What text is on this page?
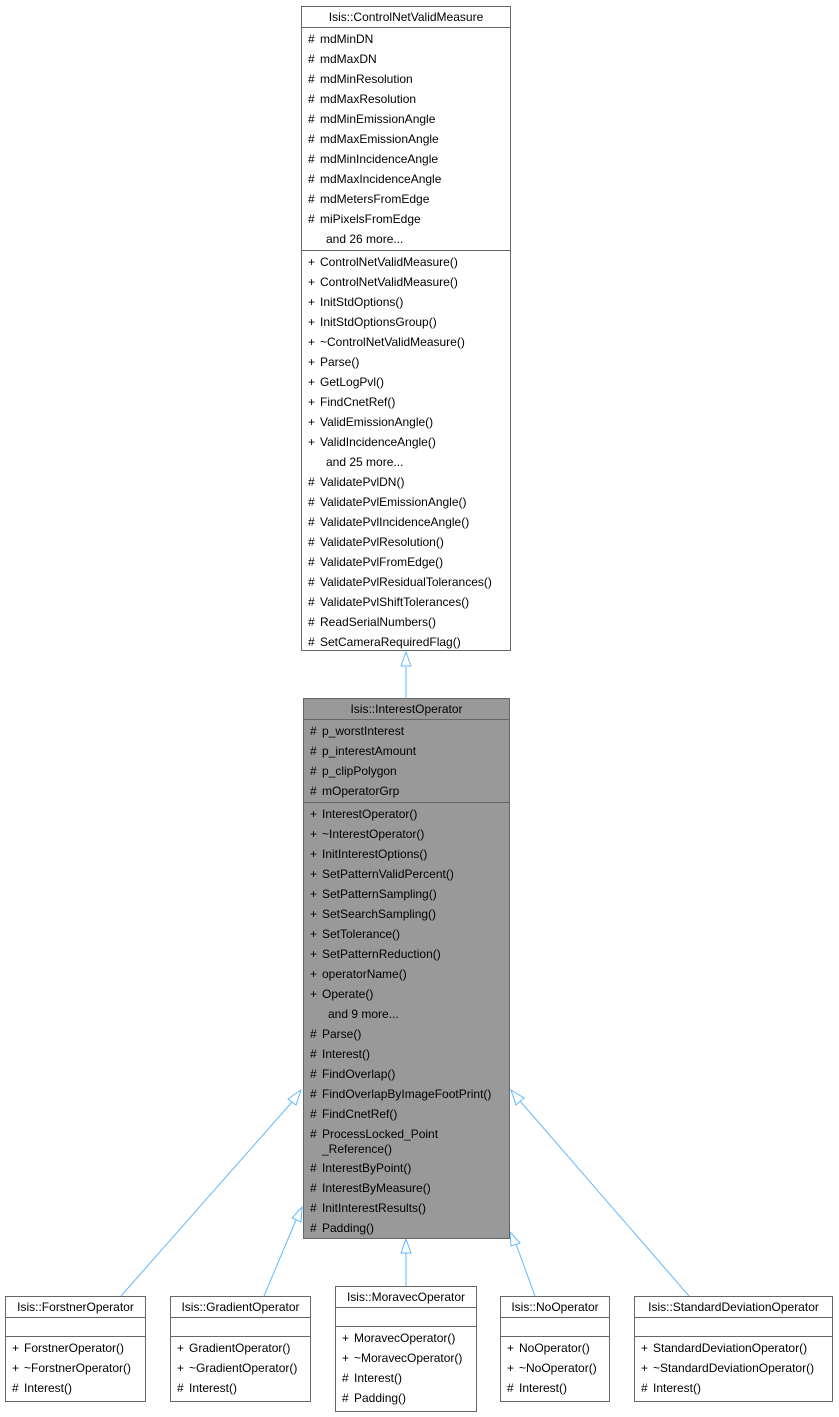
Isis::ControlNetValidMeasure
# mdMinDN
# mdMaxDN
# mdMinResolution
# mdMaxResolution
# mdMinEmissionAngle
# mdMaxEmissionAngle
# mdMinIncidenceAngle
# mdMaxIncidenceAngle
# mdMetersFromEdge
# miPixelsFromEdge
and 26 more...
+ ControlNetValidMeasure()
+ ControlNetValidMeasure()
+ InitStdOptions()
+ InitStdOptionsGroup()
+ ~ControlNetValidMeasure()
+ Parse()
+ GetLogPvl()
+ FindCnetRef()
+ ValidEmissionAngle()
+ ValidIncidenceAngle()
and 25 more...
# ValidatePvlDN()
# ValidatePvlEmissionAngle()
# ValidatePvlIncidenceAngle()
# ValidatePvlResolution()
# ValidatePvlFromEdge()
# ValidatePvlResidualTolerances()
# ValidatePvlShiftTolerances()
# ReadSerialNumbers()
# SetCameraRequiredFlag()
Isis::InterestOperator
# p_worstInterest
# p_interestAmount
# p_clipPolygon
# mOperatorGrp
+ InterestOperator()
+ ~InterestOperator()
+ InitInterestOptions()
+ SetPatternValidPercent()
+ SetPatternSampling()
+ SetSearchSampling()
+ SetTolerance()
+ SetPatternReduction()
+ operatorName()
+ Operate()
and 9 more...
# Parse()
# Interest()
# FindOverlap()
# FindOverlapByImageFootPrint()
# FindCnetRef()
# ProcessLocked_Point
_Reference()
# InterestByPoint()
# InterestByMeasure()
# InitInterestResults()
# Padding()
Isis::ForstnerOperator
+ ForstnerOperator()
+ ~ForstnerOperator()
# Interest()
Isis::GradientOperator
+ GradientOperator()
+ ~GradientOperator()
# Interest()
Isis::MoravecOperator
+ MoravecOperator()
+ ~MoravecOperator()
# Interest()
# Padding()
Isis::NoOperator
+ NoOperator()
+ ~NoOperator()
# Interest()
Isis::StandardDeviationOperator
+ StandardDeviationOperator()
+ ~StandardDeviationOperator()
# Interest()
